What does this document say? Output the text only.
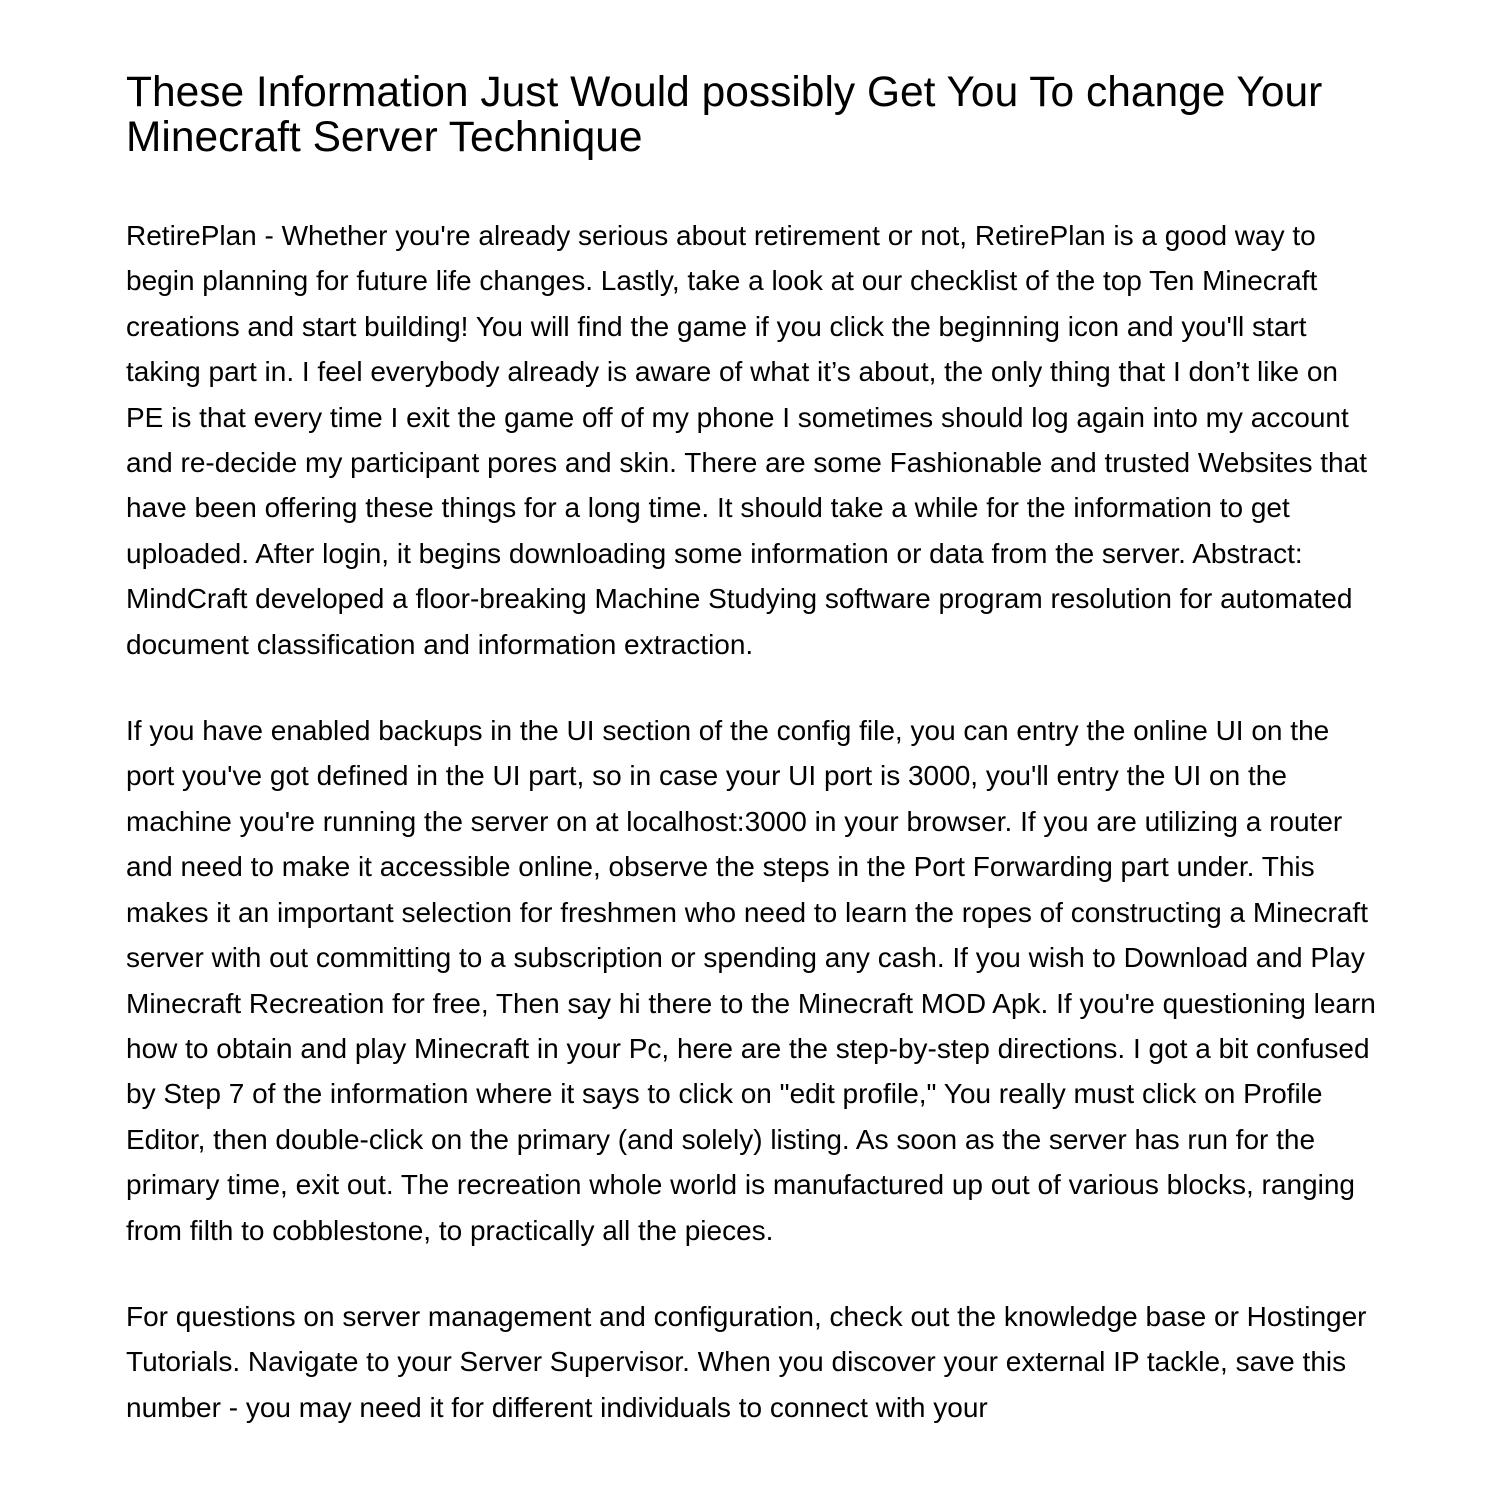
These Information Just Would possibly Get You To change Your Minecraft Server Technique

RetirePlan - Whether you're already serious about retirement or not, RetirePlan is a good way to begin planning for future life changes. Lastly, take a look at our checklist of the top Ten Minecraft creations and start building! You will find the game if you click the beginning icon and you'll start taking part in. I feel everybody already is aware of what it’s about, the only thing that I don’t like on PE is that every time I exit the game off of my phone I sometimes should log again into my account and re-decide my participant pores and skin. There are some Fashionable and trusted Websites that have been offering these things for a long time. It should take a while for the information to get uploaded. After login, it begins downloading some information or data from the server. Abstract: MindCraft developed a floor-breaking Machine Studying software program resolution for automated document classification and information extraction.

If you have enabled backups in the UI section of the config file, you can entry the online UI on the port you've got defined in the UI part, so in case your UI port is 3000, you'll entry the UI on the machine you're running the server on at localhost:3000 in your browser. If you are utilizing a router and need to make it accessible online, observe the steps in the Port Forwarding part under. This makes it an important selection for freshmen who need to learn the ropes of constructing a Minecraft server with out committing to a subscription or spending any cash. If you wish to Download and Play Minecraft Recreation for free, Then say hi there to the Minecraft MOD Apk. If you're questioning learn how to obtain and play Minecraft in your Pc, here are the step-by-step directions. I got a bit confused by Step 7 of the information where it says to click on "edit profile," You really must click on Profile Editor, then double-click on the primary (and solely) listing. As soon as the server has run for the primary time, exit out. The recreation whole world is manufactured up out of various blocks, ranging from filth to cobblestone, to practically all the pieces.

For questions on server management and configuration, check out the knowledge base or Hostinger Tutorials. Navigate to your Server Supervisor. When you discover your external IP tackle, save this number - you may need it for different individuals to connect with your
